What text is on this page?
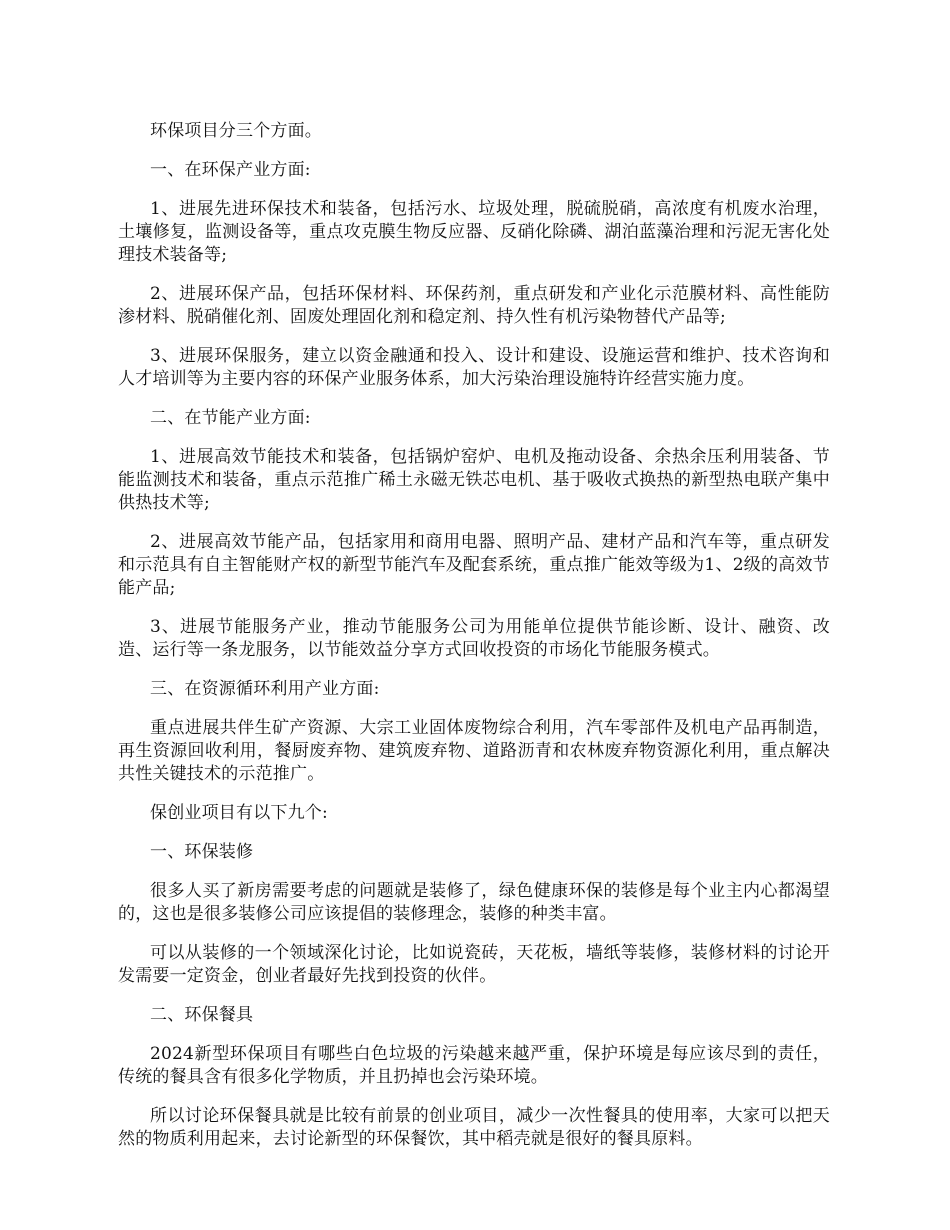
环保项目分三个方面。

一、在环保产业方面:

1、进展先进环保技术和装备，包括污水、垃圾处理，脱硫脱硝，高浓度有机废水治理，土壤修复，监测设备等，重点攻克膜生物反应器、反硝化除磷、湖泊蓝藻治理和污泥无害化处理技术装备等;

2、进展环保产品，包括环保材料、环保药剂，重点研发和产业化示范膜材料、高性能防渗材料、脱硝催化剂、固废处理固化剂和稳定剂、持久性有机污染物替代产品等;

3、进展环保服务，建立以资金融通和投入、设计和建设、设施运营和维护、技术咨询和人才培训等为主要内容的环保产业服务体系，加大污染治理设施特许经营实施力度。

二、在节能产业方面:

1、进展高效节能技术和装备，包括锅炉窑炉、电机及拖动设备、余热余压利用装备、节能监测技术和装备，重点示范推广稀土永磁无铁芯电机、基于吸收式换热的新型热电联产集中供热技术等;

2、进展高效节能产品，包括家用和商用电器、照明产品、建材产品和汽车等，重点研发和示范具有自主智能财产权的新型节能汽车及配套系统，重点推广能效等级为1、2级的高效节能产品;

3、进展节能服务产业，推动节能服务公司为用能单位提供节能诊断、设计、融资、改造、运行等一条龙服务，以节能效益分享方式回收投资的市场化节能服务模式。

三、在资源循环利用产业方面:

重点进展共伴生矿产资源、大宗工业固体废物综合利用，汽车零部件及机电产品再制造，再生资源回收利用，餐厨废弃物、建筑废弃物、道路沥青和农林废弃物资源化利用，重点解决共性关键技术的示范推广。

保创业项目有以下九个:

一、环保装修

很多人买了新房需要考虑的问题就是装修了，绿色健康环保的装修是每个业主内心都渴望的，这也是很多装修公司应该提倡的装修理念，装修的种类丰富。

可以从装修的一个领域深化讨论，比如说瓷砖，天花板，墙纸等装修，装修材料的讨论开发需要一定资金，创业者最好先找到投资的伙伴。

二、环保餐具

2024新型环保项目有哪些白色垃圾的污染越来越严重，保护环境是每应该尽到的责任，传统的餐具含有很多化学物质，并且扔掉也会污染环境。

所以讨论环保餐具就是比较有前景的创业项目，减少一次性餐具的使用率，大家可以把天然的物质利用起来，去讨论新型的环保餐饮，其中稻壳就是很好的餐具原料。
